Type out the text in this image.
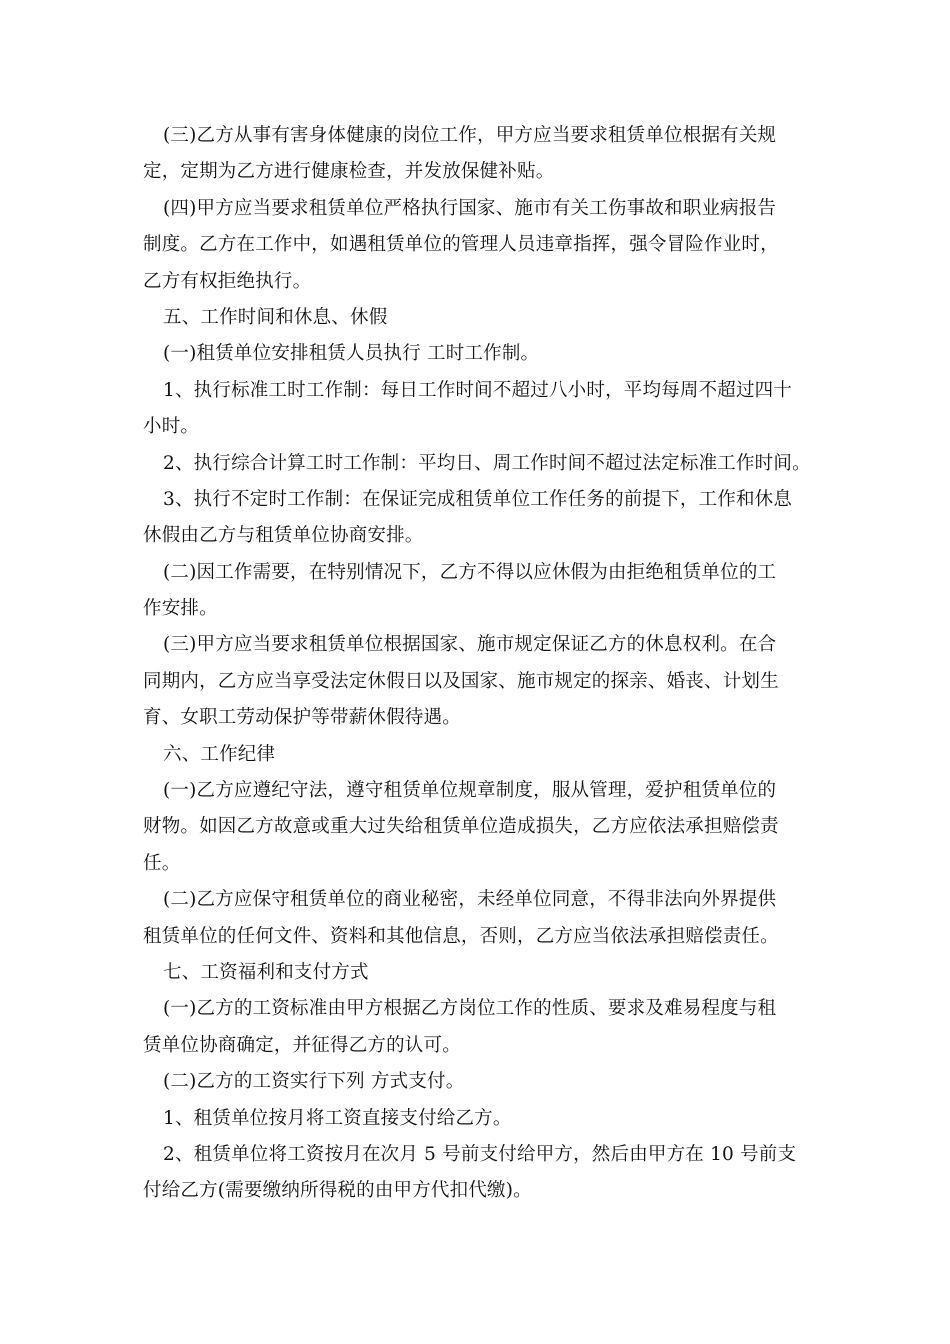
(三)乙方从事有害身体健康的岗位工作，甲方应当要求租赁单位根据有关规
定，定期为乙方进行健康检查，并发放保健补贴。
(四)甲方应当要求租赁单位严格执行国家、施市有关工伤事故和职业病报告
制度。乙方在工作中，如遇租赁单位的管理人员违章指挥，强令冒险作业时，
乙方有权拒绝执行。
五、工作时间和休息、休假
(一)租赁单位安排租赁人员执行 工时工作制。
1、执行标准工时工作制：每日工作时间不超过八小时，平均每周不超过四十
小时。
2、执行综合计算工时工作制：平均日、周工作时间不超过法定标准工作时间。
3、执行不定时工作制：在保证完成租赁单位工作任务的前提下，工作和休息
休假由乙方与租赁单位协商安排。
(二)因工作需要，在特别情况下，乙方不得以应休假为由拒绝租赁单位的工
作安排。
(三)甲方应当要求租赁单位根据国家、施市规定保证乙方的休息权利。在合
同期内，乙方应当享受法定休假日以及国家、施市规定的探亲、婚丧、计划生
育、女职工劳动保护等带薪休假待遇。
六、工作纪律
(一)乙方应遵纪守法，遵守租赁单位规章制度，服从管理，爱护租赁单位的
财物。如因乙方故意或重大过失给租赁单位造成损失，乙方应依法承担赔偿责
任。
(二)乙方应保守租赁单位的商业秘密，未经单位同意，不得非法向外界提供
租赁单位的任何文件、资料和其他信息，否则，乙方应当依法承担赔偿责任。
七、工资福利和支付方式
(一)乙方的工资标准由甲方根据乙方岗位工作的性质、要求及难易程度与租
赁单位协商确定，并征得乙方的认可。
(二)乙方的工资实行下列 方式支付。
1、租赁单位按月将工资直接支付给乙方。
2、租赁单位将工资按月在次月 5 号前支付给甲方，然后由甲方在 10 号前支
付给乙方(需要缴纳所得税的由甲方代扣代缴)。
